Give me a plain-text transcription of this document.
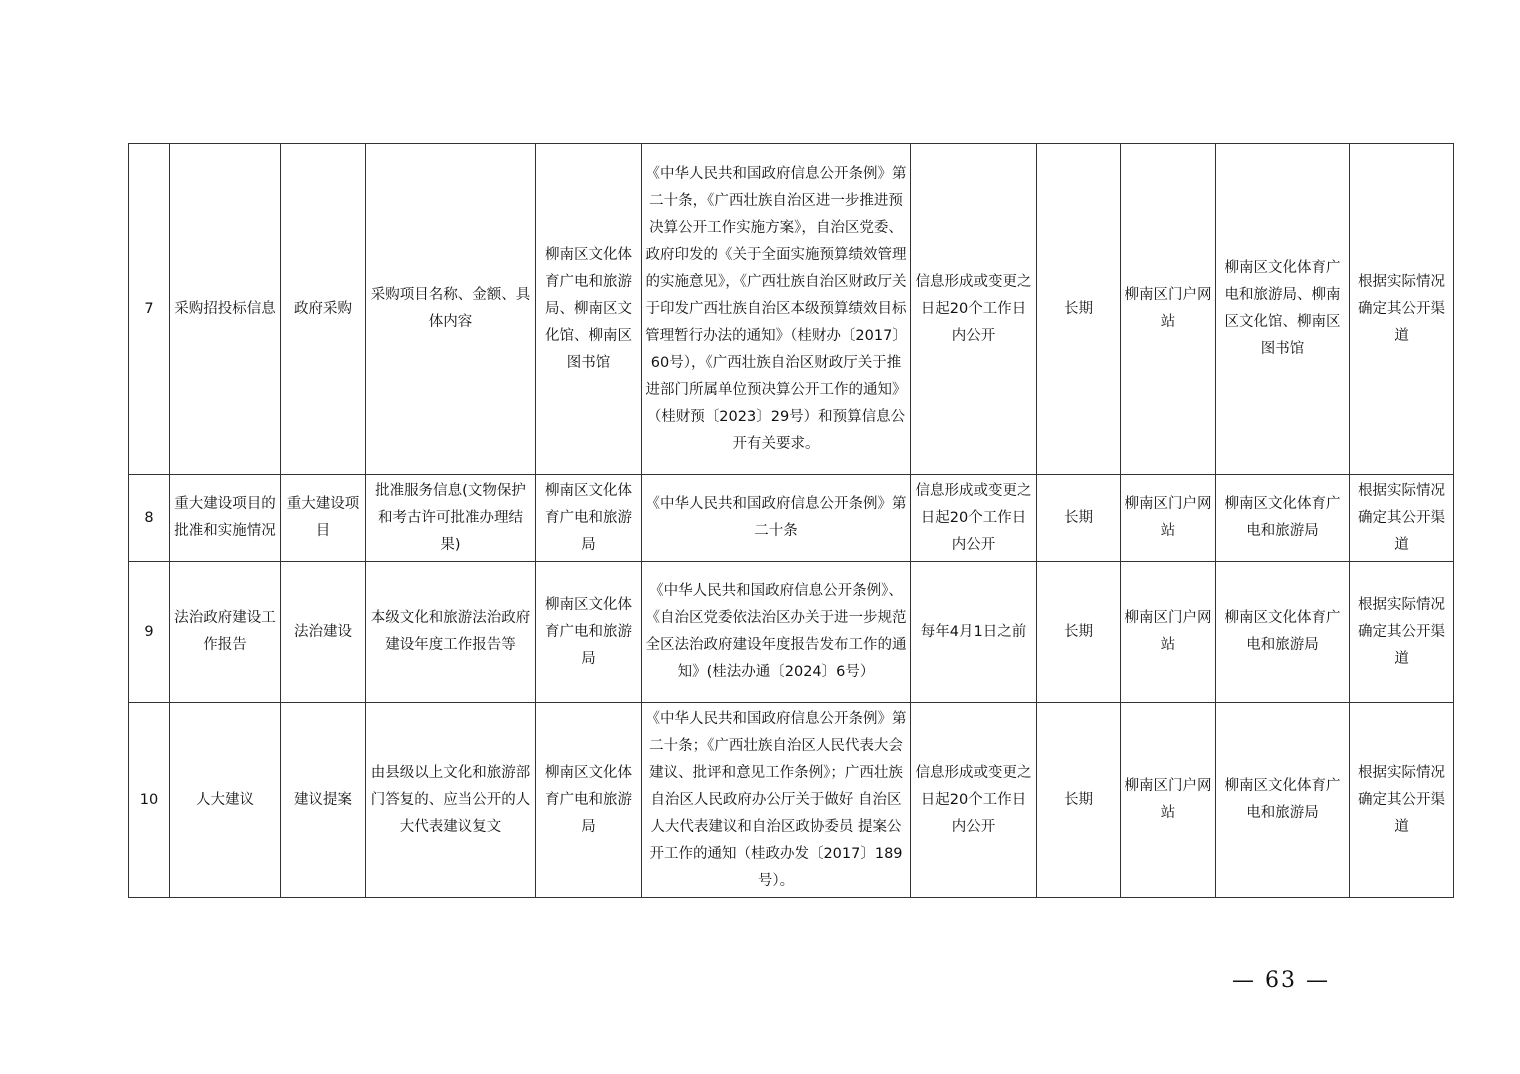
7	采购招投标信息	政府采购	采购项目名称、金额、具体内容	柳南区文化体育广电和旅游局、柳南区文化馆、柳南区图书馆	《中华人民共和国政府信息公开条例》第二十条，《广西壮族自治区进一步推进预决算公开工作实施方案》，自治区党委、政府印发的《关于全面实施预算绩效管理的实施意见》，《广西壮族自治区财政厅关于印发广西壮族自治区本级预算绩效目标管理暂行办法的通知》（桂财办〔2017〕60号），《广西壮族自治区财政厅关于推进部门所属单位预决算公开工作的通知》（桂财预〔2023〕29号）和预算信息公开有关要求。	信息形成或变更之日起20个工作日内公开	长期	柳南区门户网站	柳南区文化体育广电和旅游局、柳南区文化馆、柳南区图书馆	根据实际情况确定其公开渠道
8	重大建设项目的批准和实施情况	重大建设项目	批准服务信息(文物保护和考古许可批准办理结果)	柳南区文化体育广电和旅游局	《中华人民共和国政府信息公开条例》第二十条	信息形成或变更之日起20个工作日内公开	长期	柳南区门户网站	柳南区文化体育广电和旅游局	根据实际情况确定其公开渠道
9	法治政府建设工作报告	法治建设	本级文化和旅游法治政府建设年度工作报告等	柳南区文化体育广电和旅游局	《中华人民共和国政府信息公开条例》、《自治区党委依法治区办关于进一步规范全区法治政府建设年度报告发布工作的通知》(桂法办通〔2024〕6号）	每年4月1日之前	长期	柳南区门户网站	柳南区文化体育广电和旅游局	根据实际情况确定其公开渠道
10	人大建议	建议提案	由县级以上文化和旅游部门答复的、应当公开的人大代表建议复文	柳南区文化体育广电和旅游局	《中华人民共和国政府信息公开条例》第二十条；《广西壮族自治区人民代表大会建议、批评和意见工作条例》；广西壮族自治区人民政府办公厅关于做好 自治区人大代表建议和自治区政协委员 提案公开工作的通知（桂政办发〔2017〕189号）。	信息形成或变更之日起20个工作日内公开	长期	柳南区门户网站	柳南区文化体育广电和旅游局	根据实际情况确定其公开渠道
— 63 —
